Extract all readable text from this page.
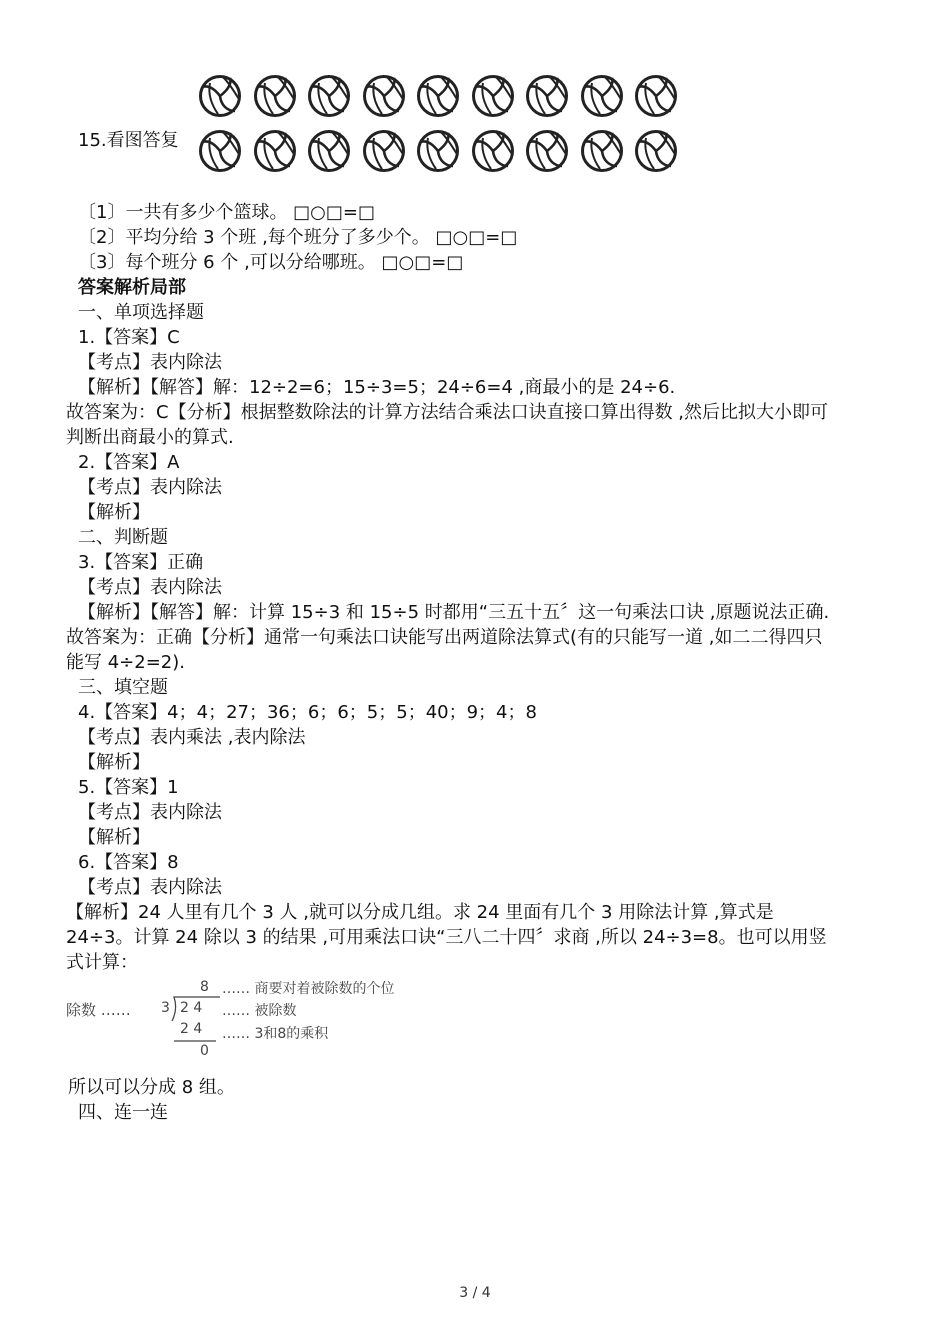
15.看图答复
〔1〕一共有多少个篮球。 □○□=□
〔2〕平均分给 3 个班 ,每个班分了多少个。 □○□=□
〔3〕每个班分 6 个 ,可以分给哪班。 □○□=□
答案解析局部
一、单项选择题
1.【答案】C
【考点】表内除法
【解析】【解答】解：12÷2=6；15÷3=5；24÷6=4 ,商最小的是 24÷6.
故答案为：C【分析】根据整数除法的计算方法结合乘法口诀直接口算出得数 ,然后比拟大小即可
判断出商最小的算式.
2.【答案】A
【考点】表内除法
【解析】
二、判断题
3.【答案】正确
【考点】表内除法
【解析】【解答】解：计算 15÷3 和 15÷5 时都用“三五十五〞这一句乘法口诀 ,原题说法正确.
故答案为：正确【分析】通常一句乘法口诀能写出两道除法算式(有的只能写一道 ,如二二得四只
能写 4÷2=2).
三、填空题
4.【答案】4；4；27；36；6；6；5；5；40；9；4；8
【考点】表内乘法 ,表内除法
【解析】
5.【答案】1
【考点】表内除法
【解析】
6.【答案】8
【考点】表内除法
【解析】24 人里有几个 3 人 ,就可以分成几组。求 24 里面有几个 3 用除法计算 ,算式是
24÷3。计算 24 除以 3 的结果 ,可用乘法口诀“三八二十四〞求商 ,所以 24÷3=8。也可以用竖
式计算：
除数 ……
8 …… 商要对着被除数的个位
3 2 4 …… 被除数
2 4 …… 3和8的乘积
0
所以可以分成 8 组。
四、连一连
3 / 4
